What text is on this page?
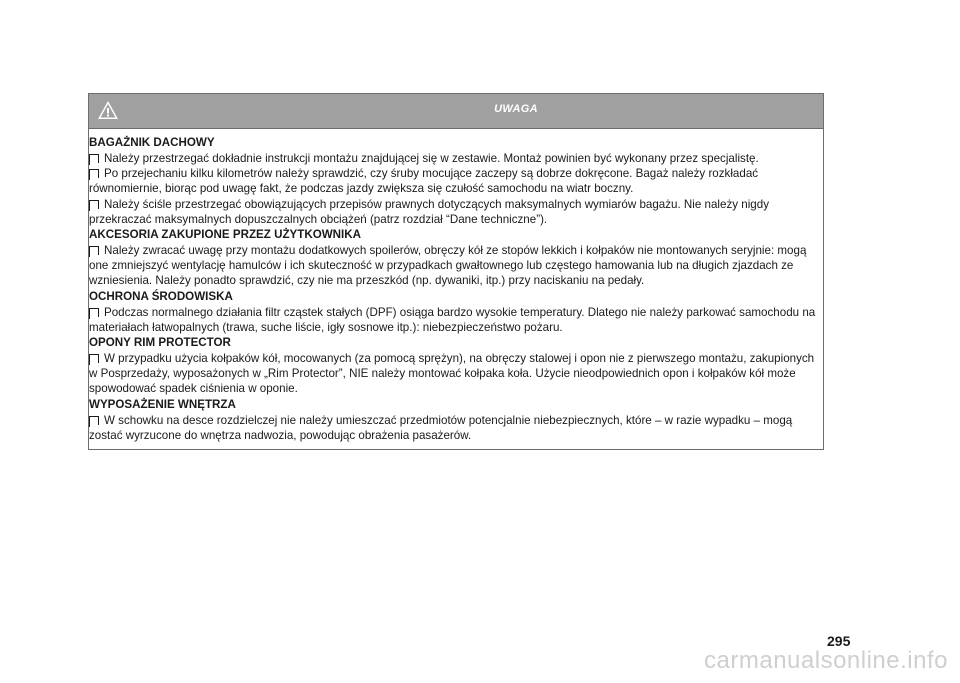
UWAGA

BAGAŻNIK DACHOWY

Należy przestrzegać dokładnie instrukcji montażu znajdującej się w zestawie. Montaż powinien być wykonany przez specjalistę.

Po przejechaniu kilku kilometrów należy sprawdzić, czy śruby mocujące zaczepy są dobrze dokręcone. Bagaż należy rozkładać równomiernie, biorąc pod uwagę fakt, że podczas jazdy zwiększa się czułość samochodu na wiatr boczny.

Należy ściśle przestrzegać obowiązujących przepisów prawnych dotyczących maksymalnych wymiarów bagażu. Nie należy nigdy przekraczać maksymalnych dopuszczalnych obciążeń (patrz rozdział “Dane techniczne”).

AKCESORIA ZAKUPIONE PRZEZ UŻYTKOWNIKA

Należy zwracać uwagę przy montażu dodatkowych spoilerów, obręczy kół ze stopów lekkich i kołpaków nie montowanych seryjnie: mogą one zmniejszyć wentylację hamulców i ich skuteczność w przypadkach gwałtownego lub częstego hamowania lub na długich zjazdach ze wzniesienia. Należy ponadto sprawdzić, czy nie ma przeszkód (np. dywaniki, itp.) przy naciskaniu na pedały.

OCHRONA ŚRODOWISKA

Podczas normalnego działania filtr cząstek stałych (DPF) osiąga bardzo wysokie temperatury. Dlatego nie należy parkować samochodu na materiałach łatwopalnych (trawa, suche liście, igły sosnowe itp.): niebezpieczeństwo pożaru.

OPONY RIM PROTECTOR

W przypadku użycia kołpaków kół, mocowanych (za pomocą sprężyn), na obręczy stalowej i opon nie z pierwszego montażu, zakupionych w Posprzedaży, wyposażonych w „Rim Protector”, NIE należy montować kołpaka koła. Użycie nieodpowiednich opon i kołpaków kół może spowodować spadek ciśnienia w oponie.

WYPOSAŻENIE WNĘTRZA

W schowku na desce rozdzielczej nie należy umieszczać przedmiotów potencjalnie niebezpiecznych, które – w razie wypadku – mogą zostać wyrzucone do wnętrza nadwozia, powodując obrażenia pasażerów.

295
carmanualsonline.info
